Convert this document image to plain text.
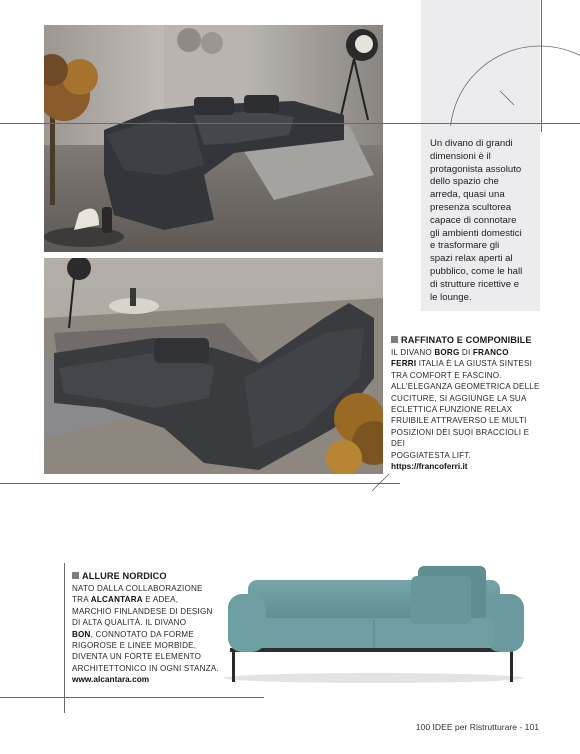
Un divano di grandi
dimensioni è il
protagonista assoluto
dello spazio che
arreda, quasi una
presenza scultorea
capace di connotare
gli ambienti domestici
e trasformare gli
spazi relax aperti al
pubblico, come le hall
di strutture ricettive e
le lounge.
RAFFINATO E COMPONIBILE
IL DIVANO BORG DI FRANCO
FERRI ITALIA È LA GIUSTA SINTESI
TRA COMFORT E FASCINO.
ALL'ELEGANZA GEOMETRICA DELLE
CUCITURE, SI AGGIUNGE LA SUA
ECLETTICA FUNZIONE RELAX
FRUIBILE ATTRAVERSO LE MULTI
POSIZIONI DEI SUOI BRACCIOLI E DEI
POGGIATESTA LIFT.
https://francoferri.it
ALLURE NORDICO
NATO DALLA COLLABORAZIONE
TRA ALCANTARA E ADEA,
MARCHIO FINLANDESE DI DESIGN
DI ALTA QUALITÀ. IL DIVANO
BON, CONNOTATO DA FORME
RIGOROSE E LINEE MORBIDE,
DIVENTA UN FORTE ELEMENTO
ARCHITETTONICO IN OGNI STANZA.
www.alcantara.com
100 IDEE per Ristrutturare - 101
